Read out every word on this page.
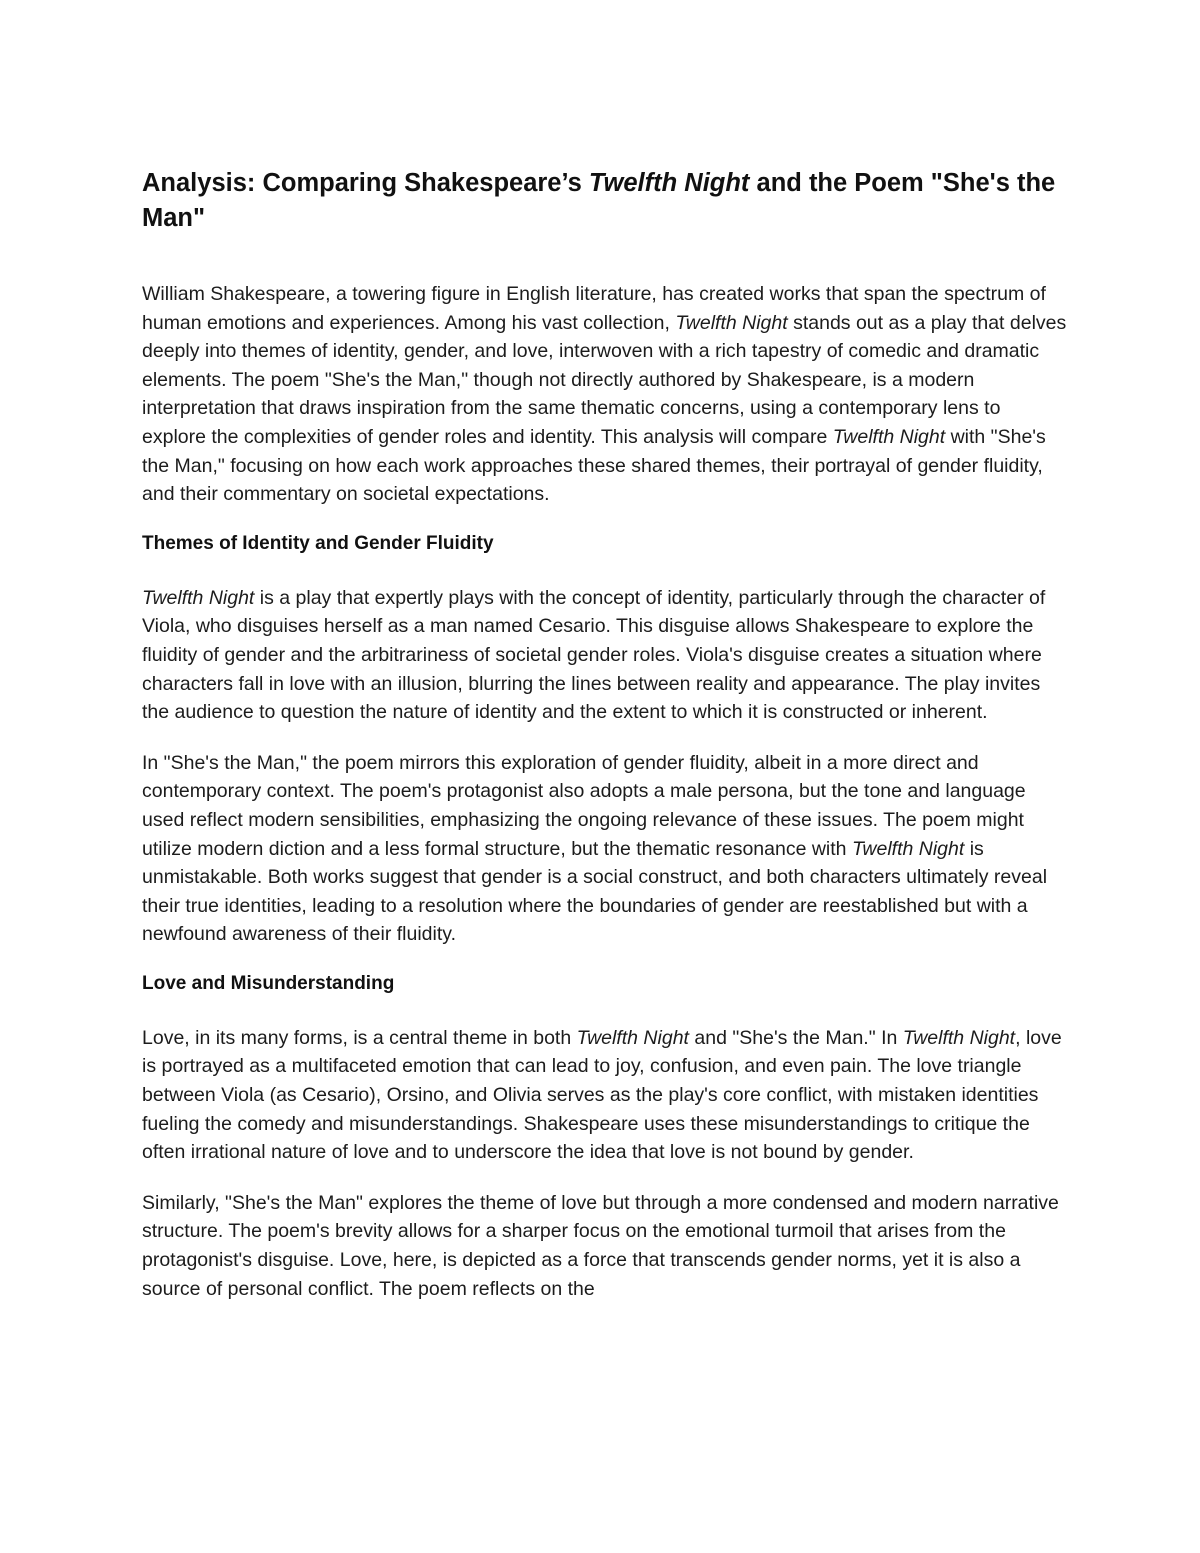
Analysis: Comparing Shakespeare’s Twelfth Night and the Poem "She's the Man"

William Shakespeare, a towering figure in English literature, has created works that span the spectrum of human emotions and experiences. Among his vast collection, Twelfth Night stands out as a play that delves deeply into themes of identity, gender, and love, interwoven with a rich tapestry of comedic and dramatic elements. The poem "She's the Man," though not directly authored by Shakespeare, is a modern interpretation that draws inspiration from the same thematic concerns, using a contemporary lens to explore the complexities of gender roles and identity. This analysis will compare Twelfth Night with "She's the Man," focusing on how each work approaches these shared themes, their portrayal of gender fluidity, and their commentary on societal expectations.

Themes of Identity and Gender Fluidity

Twelfth Night is a play that expertly plays with the concept of identity, particularly through the character of Viola, who disguises herself as a man named Cesario. This disguise allows Shakespeare to explore the fluidity of gender and the arbitrariness of societal gender roles. Viola's disguise creates a situation where characters fall in love with an illusion, blurring the lines between reality and appearance. The play invites the audience to question the nature of identity and the extent to which it is constructed or inherent.

In "She's the Man," the poem mirrors this exploration of gender fluidity, albeit in a more direct and contemporary context. The poem's protagonist also adopts a male persona, but the tone and language used reflect modern sensibilities, emphasizing the ongoing relevance of these issues. The poem might utilize modern diction and a less formal structure, but the thematic resonance with Twelfth Night is unmistakable. Both works suggest that gender is a social construct, and both characters ultimately reveal their true identities, leading to a resolution where the boundaries of gender are reestablished but with a newfound awareness of their fluidity.

Love and Misunderstanding

Love, in its many forms, is a central theme in both Twelfth Night and "She's the Man." In Twelfth Night, love is portrayed as a multifaceted emotion that can lead to joy, confusion, and even pain. The love triangle between Viola (as Cesario), Orsino, and Olivia serves as the play's core conflict, with mistaken identities fueling the comedy and misunderstandings. Shakespeare uses these misunderstandings to critique the often irrational nature of love and to underscore the idea that love is not bound by gender.

Similarly, "She's the Man" explores the theme of love but through a more condensed and modern narrative structure. The poem's brevity allows for a sharper focus on the emotional turmoil that arises from the protagonist's disguise. Love, here, is depicted as a force that transcends gender norms, yet it is also a source of personal conflict. The poem reflects on the
